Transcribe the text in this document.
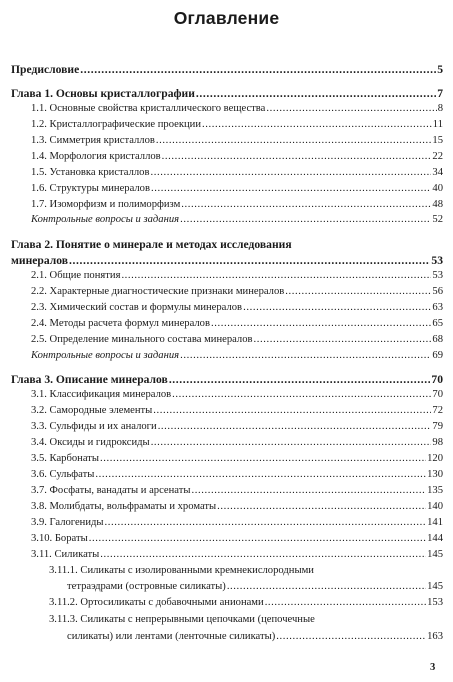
Оглавление
Предисловие .....	5
Глава 1. Основы кристаллографии .....	7
1.1. Основные свойства кристаллического вещества .....	8
1.2. Кристаллографические проекции .....	11
1.3. Симметрия кристаллов .....	15
1.4. Морфология кристаллов .....	22
1.5. Установка кристаллов .....	34
1.6. Структуры минералов .....	40
1.7. Изоморфизм и полиморфизм .....	48
Контрольные вопросы и задания .....	52
Глава 2. Понятие о минерале и методах исследования
минералов .....	53
2.1. Общие понятия .....	53
2.2. Характерные диагностические признаки минералов .....	56
2.3. Химический состав и формулы минералов .....	63
2.4. Методы расчета формул минералов .....	65
2.5. Определение минального состава минералов .....	68
Контрольные вопросы и задания .....	69
Глава 3. Описание минералов .....	70
3.1. Классификация минералов .....	70
3.2. Самородные элементы .....	72
3.3. Сульфиды и их аналоги .....	79
3.4. Оксиды и гидроксиды .....	98
3.5. Карбонаты .....	120
3.6. Сульфаты .....	130
3.7. Фосфаты, ванадаты и арсенаты .....	135
3.8. Молибдаты, вольфраматы и хроматы .....	140
3.9. Галогениды .....	141
3.10. Бораты .....	144
3.11. Силикаты .....	145
3.11.1. Силикаты с изолированными кремнекислородными
тетраэдрами (островные силикаты) .....	145
3.11.2. Ортосиликаты с добавочными анионами .....	153
3.11.3. Силикаты с непрерывными цепочками (цепочечные
силикаты) или лентами (ленточные силикаты) .....	163
3
